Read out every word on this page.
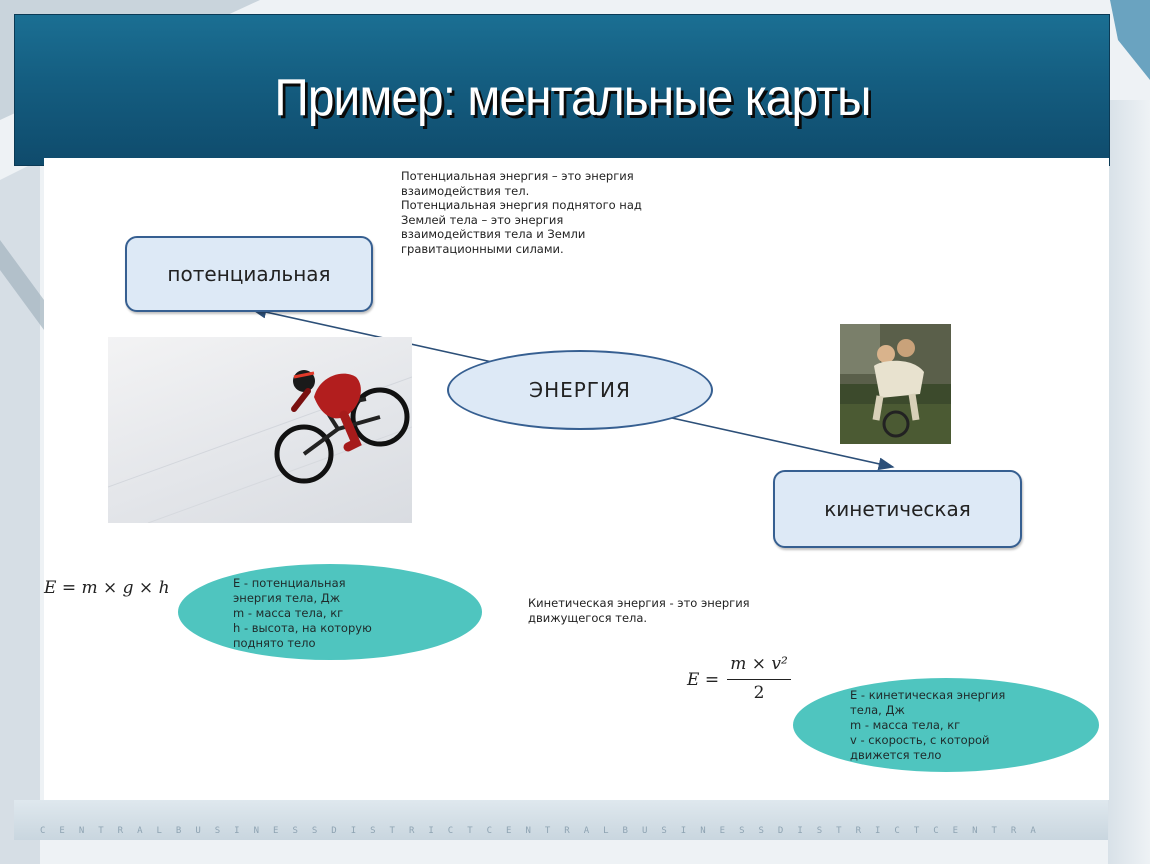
Пример: ментальные карты
Потенциальная энергия – это энергия
взаимодействия тел.
Потенциальная энергия поднятого над
Землей тела – это энергия
взаимодействия тела и Земли
гравитационными силами.
Кинетическая энергия - это энергия
движущегося тела.
потенциальная
ЭНЕРГИЯ
кинетическая
E = m × g × h	E - потенциальная
энергия тела, Дж
m - масса тела, кг
h - высота, на которую
поднято тело
E =
m × v²
2	E - кинетическая энергия
тела, Дж
m - масса тела, кг
v - скорость, с которой
движется тело
CENTRALBUSINESSDISTRICTCENTRALBUSINESSDISTRICTCENTRA
